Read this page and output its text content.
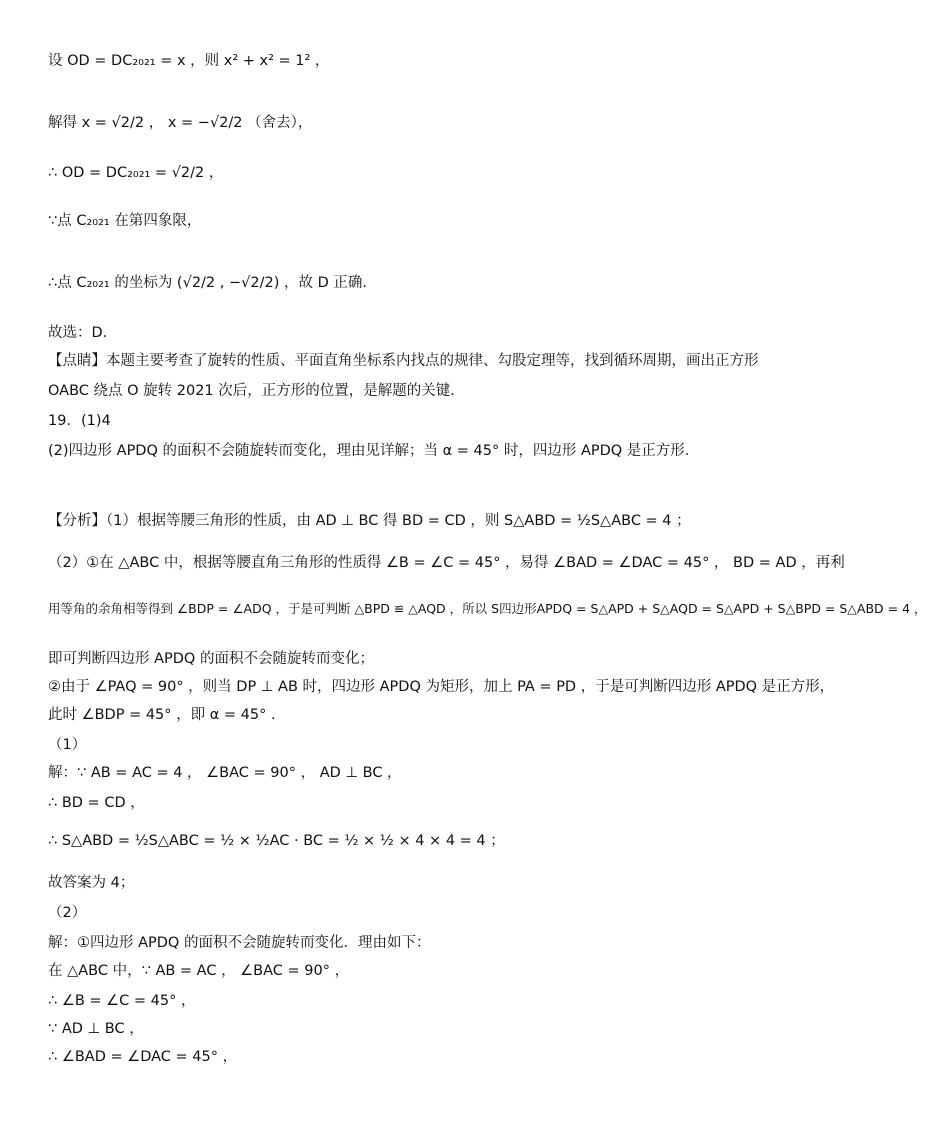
设 OD = DC₂₀₂₁ = x ，则 x² + x² = 1² ，
解得 x = √2/2 ， x = −√2/2 （舍去），
∴ OD = DC₂₀₂₁ = √2/2 ，
∵点 C₂₀₂₁ 在第四象限，
∴点 C₂₀₂₁ 的坐标为 (√2/2 , −√2/2) ，故 D 正确.
故选：D．
【点睛】本题主要考查了旋转的性质、平面直角坐标系内找点的规律、勾股定理等，找到循环周期，画出正方形
OABC 绕点 O 旋转 2021 次后，正方形的位置，是解题的关键.
19．(1)4
(2)四边形 APDQ 的面积不会随旋转而变化，理由见详解；当 α = 45° 时，四边形 APDQ 是正方形.
【分析】（1）根据等腰三角形的性质，由 AD ⊥ BC 得 BD = CD ，则 S△ABD = ½S△ABC = 4 ；
（2）①在 △ABC 中，根据等腰直角三角形的性质得 ∠B = ∠C = 45° ，易得 ∠BAD = ∠DAC = 45° ， BD = AD ，再利
用等角的余角相等得到 ∠BDP = ∠ADQ ，于是可判断 △BPD ≌ △AQD ，所以 S四边形APDQ = S△APD + S△AQD = S△APD + S△BPD = S△ABD = 4 ，
即可判断四边形 APDQ 的面积不会随旋转而变化；
②由于 ∠PAQ = 90° ，则当 DP ⊥ AB 时，四边形 APDQ 为矩形，加上 PA = PD ，于是可判断四边形 APDQ 是正方形，
此时 ∠BDP = 45° ，即 α = 45° .
（1）
解：∵ AB = AC = 4 ， ∠BAC = 90° ， AD ⊥ BC ，
∴ BD = CD ，
∴ S△ABD = ½S△ABC = ½ × ½AC · BC = ½ × ½ × 4 × 4 = 4 ；
故答案为 4；
（2）
解：①四边形 APDQ 的面积不会随旋转而变化．理由如下：
在 △ABC 中，∵ AB = AC ， ∠BAC = 90° ，
∴ ∠B = ∠C = 45° ，
∵ AD ⊥ BC ，
∴ ∠BAD = ∠DAC = 45° ，
